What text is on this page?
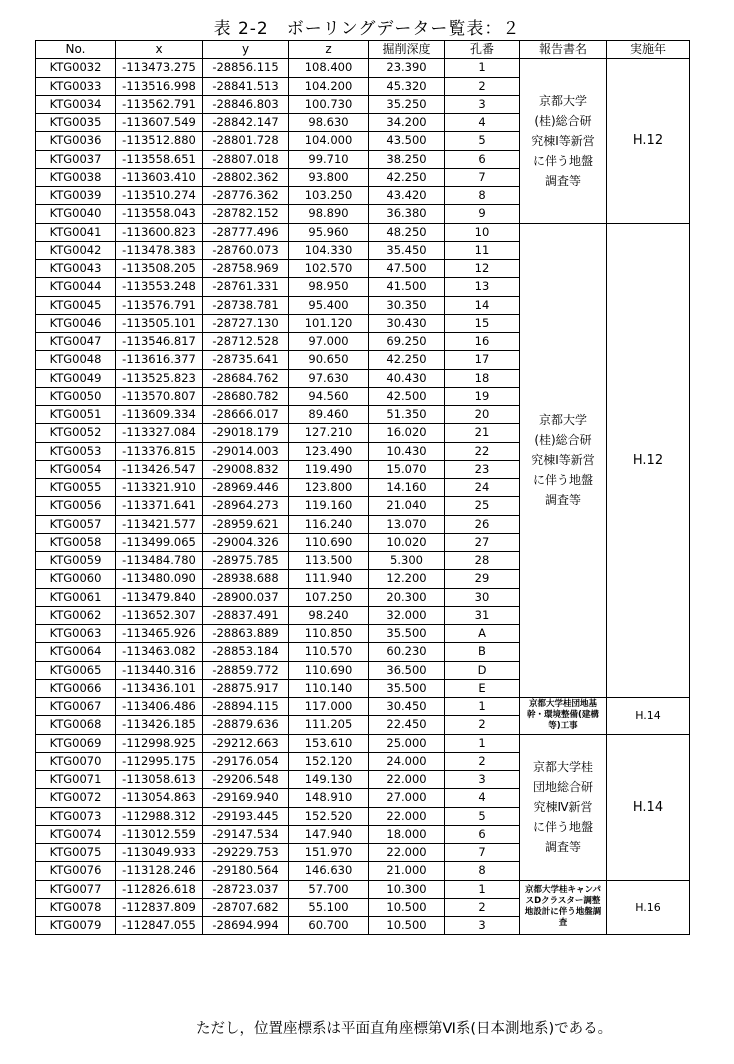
表 2-2　ボーリングデーター覧表：２
No.	x	y	z	掘削深度	孔番	報告書名	実施年
KTG0032	-113473.275	-28856.115	108.400	23.390	1	京都大学(桂)総合研究棟Ⅰ等新営に伴う地盤調査等	H.12
KTG0033	-113516.998	-28841.513	104.200	45.320	2		
KTG0034	-113562.791	-28846.803	100.730	35.250	3		
KTG0035	-113607.549	-28842.147	98.630	34.200	4		
KTG0036	-113512.880	-28801.728	104.000	43.500	5		
KTG0037	-113558.651	-28807.018	99.710	38.250	6		
KTG0038	-113603.410	-28802.362	93.800	42.250	7		
KTG0039	-113510.274	-28776.362	103.250	43.420	8		
KTG0040	-113558.043	-28782.152	98.890	36.380	9		
KTG0041	-113600.823	-28777.496	95.960	48.250	10	京都大学(桂)総合研究棟Ⅰ等新営に伴う地盤調査等	H.12
KTG0042	-113478.383	-28760.073	104.330	35.450	11		
KTG0043	-113508.205	-28758.969	102.570	47.500	12		
KTG0044	-113553.248	-28761.331	98.950	41.500	13		
KTG0045	-113576.791	-28738.781	95.400	30.350	14		
KTG0046	-113505.101	-28727.130	101.120	30.430	15		
KTG0047	-113546.817	-28712.528	97.000	69.250	16		
KTG0048	-113616.377	-28735.641	90.650	42.250	17		
KTG0049	-113525.823	-28684.762	97.630	40.430	18		
KTG0050	-113570.807	-28680.782	94.560	42.500	19		
KTG0051	-113609.334	-28666.017	89.460	51.350	20		
KTG0052	-113327.084	-29018.179	127.210	16.020	21		
KTG0053	-113376.815	-29014.003	123.490	10.430	22		
KTG0054	-113426.547	-29008.832	119.490	15.070	23		
KTG0055	-113321.910	-28969.446	123.800	14.160	24		
KTG0056	-113371.641	-28964.273	119.160	21.040	25		
KTG0057	-113421.577	-28959.621	116.240	13.070	26		
KTG0058	-113499.065	-29004.326	110.690	10.020	27		
KTG0059	-113484.780	-28975.785	113.500	5.300	28		
KTG0060	-113480.090	-28938.688	111.940	12.200	29		
KTG0061	-113479.840	-28900.037	107.250	20.300	30		
KTG0062	-113652.307	-28837.491	98.240	32.000	31		
KTG0063	-113465.926	-28863.889	110.850	35.500	A		
KTG0064	-113463.082	-28853.184	110.570	60.230	B		
KTG0065	-113440.316	-28859.772	110.690	36.500	D		
KTG0066	-113436.101	-28875.917	110.140	35.500	E		
KTG0067	-113406.486	-28894.115	117.000	30.450	1	京都大学桂団地基幹・環境整備(建構等)工事	H.14
KTG0068	-113426.185	-28879.636	111.205	22.450	2		
KTG0069	-112998.925	-29212.663	153.610	25.000	1	京都大学桂団地総合研究棟Ⅳ新営に伴う地盤調査等	H.14
KTG0070	-112995.175	-29176.054	152.120	24.000	2		
KTG0071	-113058.613	-29206.548	149.130	22.000	3		
KTG0072	-113054.863	-29169.940	148.910	27.000	4		
KTG0073	-112988.312	-29193.445	152.520	22.000	5		
KTG0074	-113012.559	-29147.534	147.940	18.000	6		
KTG0075	-113049.933	-29229.753	151.970	22.000	7		
KTG0076	-113128.246	-29180.564	146.630	21.000	8		
KTG0077	-112826.618	-28723.037	57.700	10.300	1	京都大学桂キャンパスDクラスター調整地設計に伴う地盤調査	H.16
KTG0078	-112837.809	-28707.682	55.100	10.500	2		
KTG0079	-112847.055	-28694.994	60.700	10.500	3		
ただし，位置座標系は平面直角座標第Ⅵ系(日本測地系)である。
